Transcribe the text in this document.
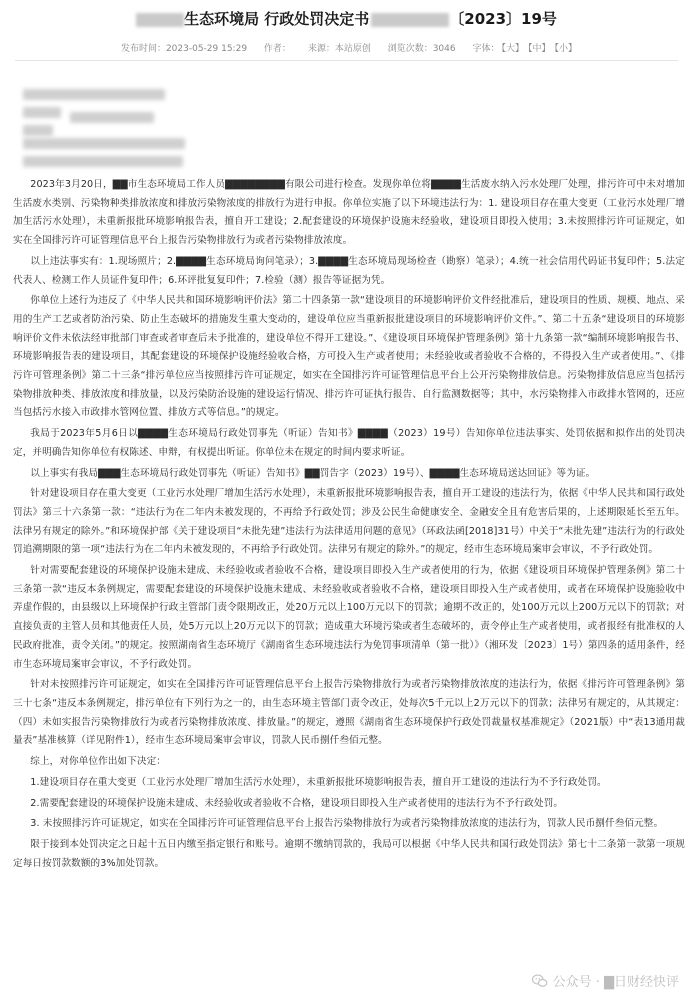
生态环境局 行政处罚决定书	〔2023〕19号
发布时间：2023-05-29 15:29 作者： 来源：本站原创 浏览次数：3046 字体： 【大】 【中】 【小】

2023年3月20日，▇▇市生态环境局工作人员▇▇▇▇▇▇▇▇有限公司进行检查。发现你单位将▇▇▇▇生活废水纳入污水处理厂处理，排污许可中未对增加生活废水类别、污染物种类排放浓度和排放污染物浓度的排放行为进行申报。你单位实施了以下环境违法行为：1. 建设项目存在重大变更（工业污水处理厂增加生活污水处理），未重新报批环境影响报告表，擅自开工建设；2.配套建设的环境保护设施未经验收，建设项目即投入使用；3.未按照排污许可证规定，如实在全国排污许可证管理信息平台上报告污染物排放行为或者污染物排放浓度。

以上违法事实有：1.现场照片；2.▇▇▇▇生态环境局询问笔录）；3.▇▇▇▇生态环境局现场检查（勘察）笔录）；4.统一社会信用代码证书复印件；5.法定代表人、检测工作人员证件复印件；6.环评批复复印件；7.检验（测）报告等证据为凭。

你单位上述行为违反了《中华人民共和国环境影响评价法》第二十四条第一款“建设项目的环境影响评价文件经批准后，建设项目的性质、规模、地点、采用的生产工艺或者防治污染、防止生态破坏的措施发生重大变动的，建设单位应当重新报批建设项目的环境影响评价文件。”、第二十五条“建设项目的环境影响评价文件未依法经审批部门审查或者审查后未予批准的，建设单位不得开工建设。”、《建设项目环境保护管理条例》第十九条第一款“编制环境影响报告书、环境影响报告表的建设项目，其配套建设的环境保护设施经验收合格，方可投入生产或者使用；未经验收或者验收不合格的，不得投入生产或者使用。”、《排污许可管理条例》第二十三条“排污单位应当按照排污许可证规定，如实在全国排污许可证管理信息平台上公开污染物排放信息。污染物排放信息应当包括污染物排放种类、排放浓度和排放量，以及污染防治设施的建设运行情况、排污许可证执行报告、自行监测数据等；其中，水污染物排入市政排水管网的，还应当包括污水接入市政排水管网位置、排放方式等信息。”的规定。

我局于2023年5月6日以▇▇▇▇生态环境局行政处罚事先（听证）告知书》▇▇▇▇（2023）19号）告知你单位违法事实、处罚依据和拟作出的处罚决定，并明确告知你单位有权陈述、申辩，有权提出听证。你单位未在规定的时间内要求听证。

以上事实有我局▇▇▇生态环境局行政处罚事先（听证）告知书》▇▇罚告字（2023）19号）、▇▇▇▇生态环境局送达回证》等为证。

针对建设项目存在重大变更（工业污水处理厂增加生活污水处理），未重新报批环境影响报告表，擅自开工建设的违法行为，依据《中华人民共和国行政处罚法》第三十六条第一款：“违法行为在二年内未被发现的，不再给予行政处罚；涉及公民生命健康安全、金融安全且有危害后果的，上述期限延长至五年。法律另有规定的除外。”和环境保护部《关于建设项目“未批先建”违法行为法律适用问题的意见》（环政法函[2018]31号）中关于“未批先建”违法行为的行政处罚追溯期限的第一项“违法行为在二年内未被发现的，不再给予行政处罚。法律另有规定的除外。”的规定，经市生态环境局案审会审议，不予行政处罚。

针对需要配套建设的环境保护设施未建成、未经验收或者验收不合格，建设项目即投入生产或者使用的行为，依据《建设项目环境保护管理条例》第二十三条第一款“违反本条例规定，需要配套建设的环境保护设施未建成、未经验收或者验收不合格，建设项目即投入生产或者使用，或者在环境保护设施验收中弄虚作假的，由县级以上环境保护行政主管部门责令限期改正，处20万元以上100万元以下的罚款；逾期不改正的，处100万元以上200万元以下的罚款；对直接负责的主管人员和其他责任人员，处5万元以上20万元以下的罚款；造成重大环境污染或者生态破坏的，责令停止生产或者使用，或者报经有批准权的人民政府批准，责令关闭。”的规定。按照湖南省生态环境厅《湖南省生态环境违法行为免罚事项清单（第一批）》（湘环发〔2023〕1号）第四条的适用条件，经市生态环境局案审会审议，不予行政处罚。

针对未按照排污许可证规定，如实在全国排污许可证管理信息平台上报告污染物排放行为或者污染物排放浓度的违法行为，依据《排污许可管理条例》第三十七条“违反本条例规定，排污单位有下列行为之一的，由生态环境主管部门责令改正，处每次5千元以上2万元以下的罚款；法律另有规定的，从其规定：（四）未如实报告污染物排放行为或者污染物排放浓度、排放量。”的规定，遵照《湖南省生态环境保护行政处罚裁量权基准规定》（2021版）中“表13通用裁量表”基准核算（详见附件1），经市生态环境局案审会审议，罚款人民币捌仟叁佰元整。

综上，对你单位作出如下决定：

1.建设项目存在重大变更（工业污水处理厂增加生活污水处理），未重新报批环境影响报告表，擅自开工建设的违法行为不予行政处罚。

2.需要配套建设的环境保护设施未建成、未经验收或者验收不合格，建设项目即投入生产或者使用的违法行为不予行政处罚。

3. 未按照排污许可证规定，如实在全国排污许可证管理信息平台上报告污染物排放行为或者污染物排放浓度的违法行为，罚款人民币捌仟叁佰元整。

限于接到本处罚决定之日起十五日内缴至指定银行和账号。逾期不缴纳罚款的，我局可以根据《中华人民共和国行政处罚法》第七十二条第一款第一项规定每日按罚款数额的3%加处罚款。

公众号 · ▇日财经快评
